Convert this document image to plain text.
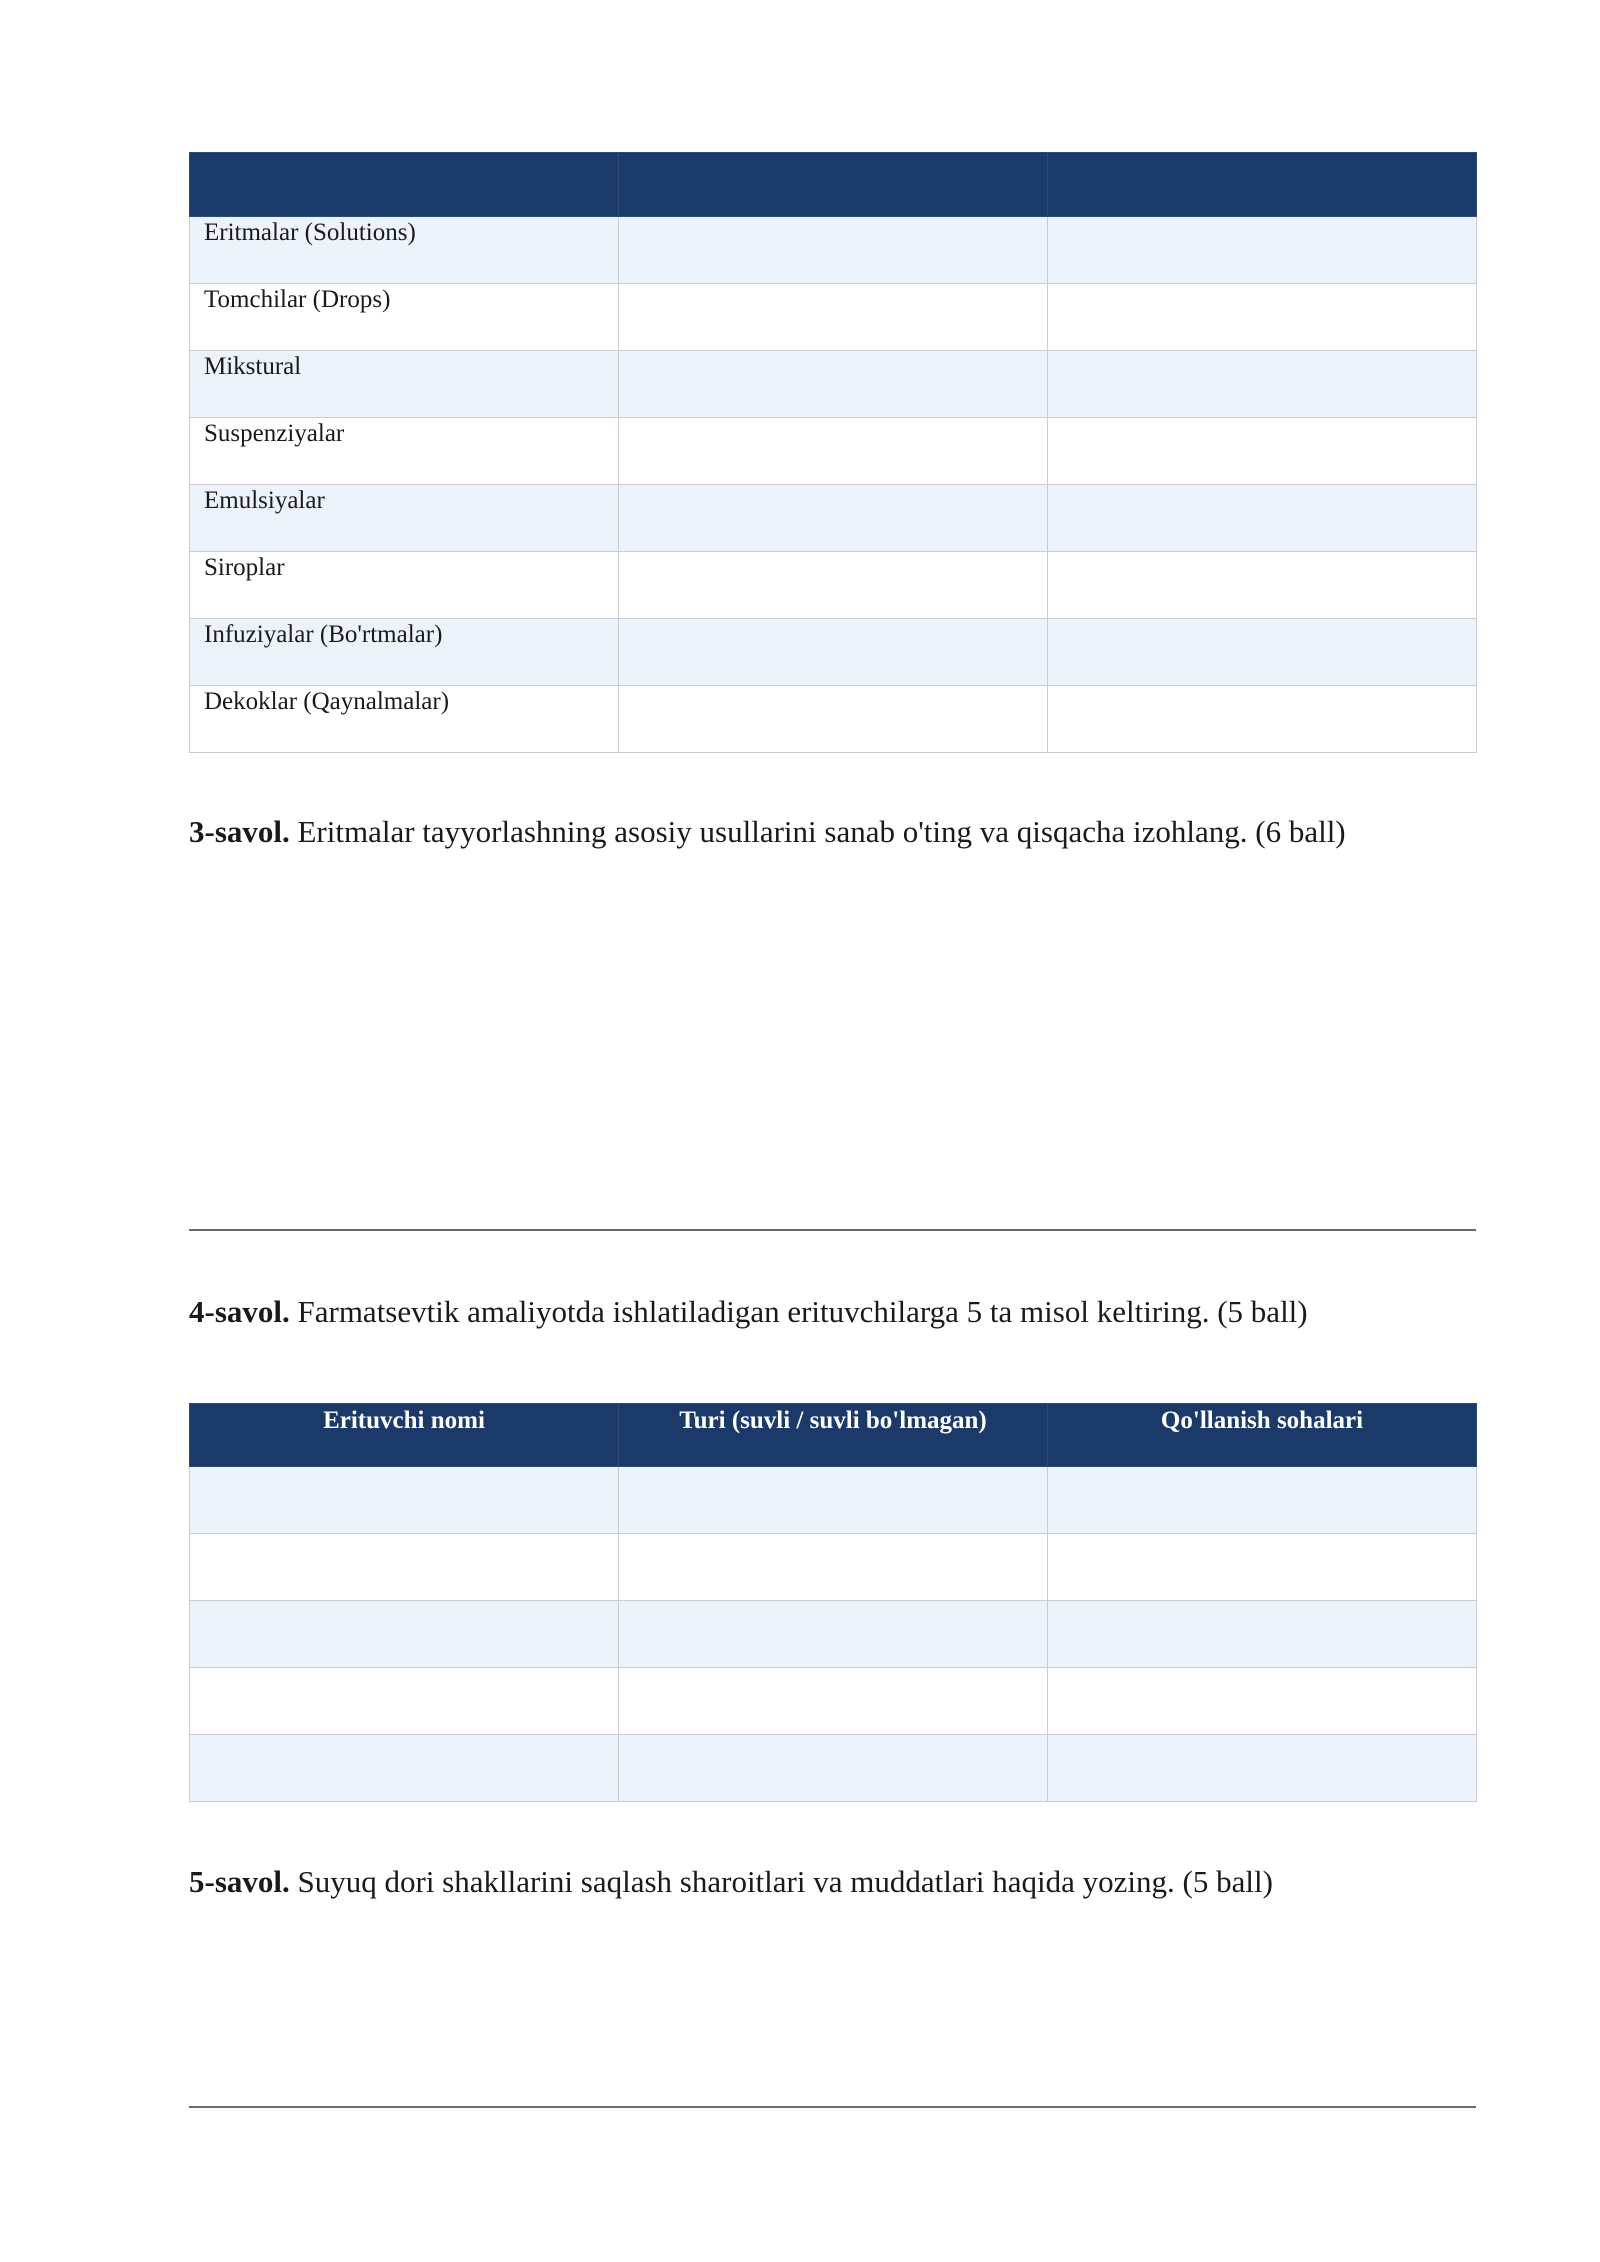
Eritmalar (Solutions)		
Tomchilar (Drops)		
Mikstural		
Suspenziyalar		
Emulsiyalar		
Siroplar		
Infuziyalar (Bo'rtmalar)		
Dekoklar (Qaynalmalar)		
3-savol. Eritmalar tayyorlashning asosiy usullarini sanab o'ting va qisqacha izohlang. (6 ball)
4-savol. Farmatsevtik amaliyotda ishlatiladigan erituvchilarga 5 ta misol keltiring. (5 ball)
Erituvchi nomi	Turi (suvli / suvli bo'lmagan)	Qo'llanish sohalari

5-savol. Suyuq dori shakllarini saqlash sharoitlari va muddatlari haqida yozing. (5 ball)
